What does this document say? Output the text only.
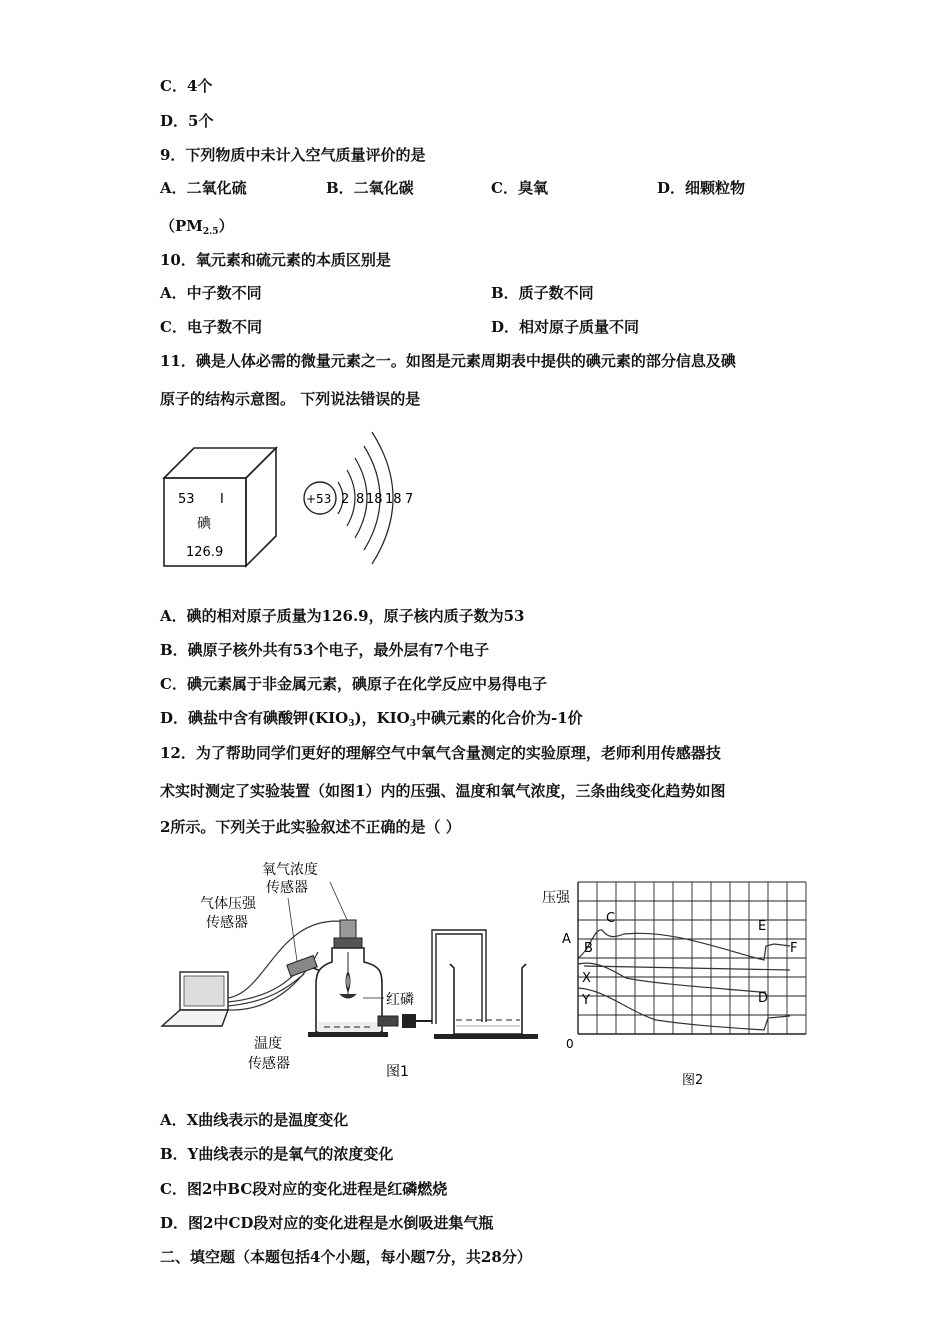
C．4个
D．5个
9．下列物质中未计入空气质量评价的是
A．二氧化硫	B．二氧化碳	C．臭氧	D．细颗粒物
$(PM_{2.5})$
10．氧元素和硫元素的本质区别是
A．中子数不同	B．质子数不同
C．电子数不同	D．相对原子质量不同
11．碘是人体必需的微量元素之一。如图是元素周期表中提供的碘元素的部分信息及碘
原子的结构示意图。 下列说法错误的是
53 I
碘
126.9
+53 2 8 18 18 7
A．碘的相对原子质量为126.9，原子核内质子数为53
B．碘原子核外共有53个电子，最外层有7个电子
C．碘元素属于非金属元素，碘原子在化学反应中易得电子
D．碘盐中含有碘酸钾$(KIO_3)$，$KIO_3$中碘元素的化合价为-1价
12．为了帮助同学们更好的理解空气中氧气含量测定的实验原理，老师利用传感器技
术实时测定了实验装置（如图1）内的压强、温度和氧气浓度，三条曲线变化趋势如图
2所示。下列关于此实验叙述不正确的是（ ）
氧气浓度
传感器
气体压强
传感器
温度
传感器
红磷
图1
压强
0
A
B
C
D
E
F
X
Y
图2
A．X曲线表示的是温度变化
B．Y曲线表示的是氧气的浓度变化
C．图2中BC段对应的变化进程是红磷燃烧
D．图2中CD段对应的变化进程是水倒吸进集气瓶
二、填空题（本题包括4个小题，每小题7分，共28分）
